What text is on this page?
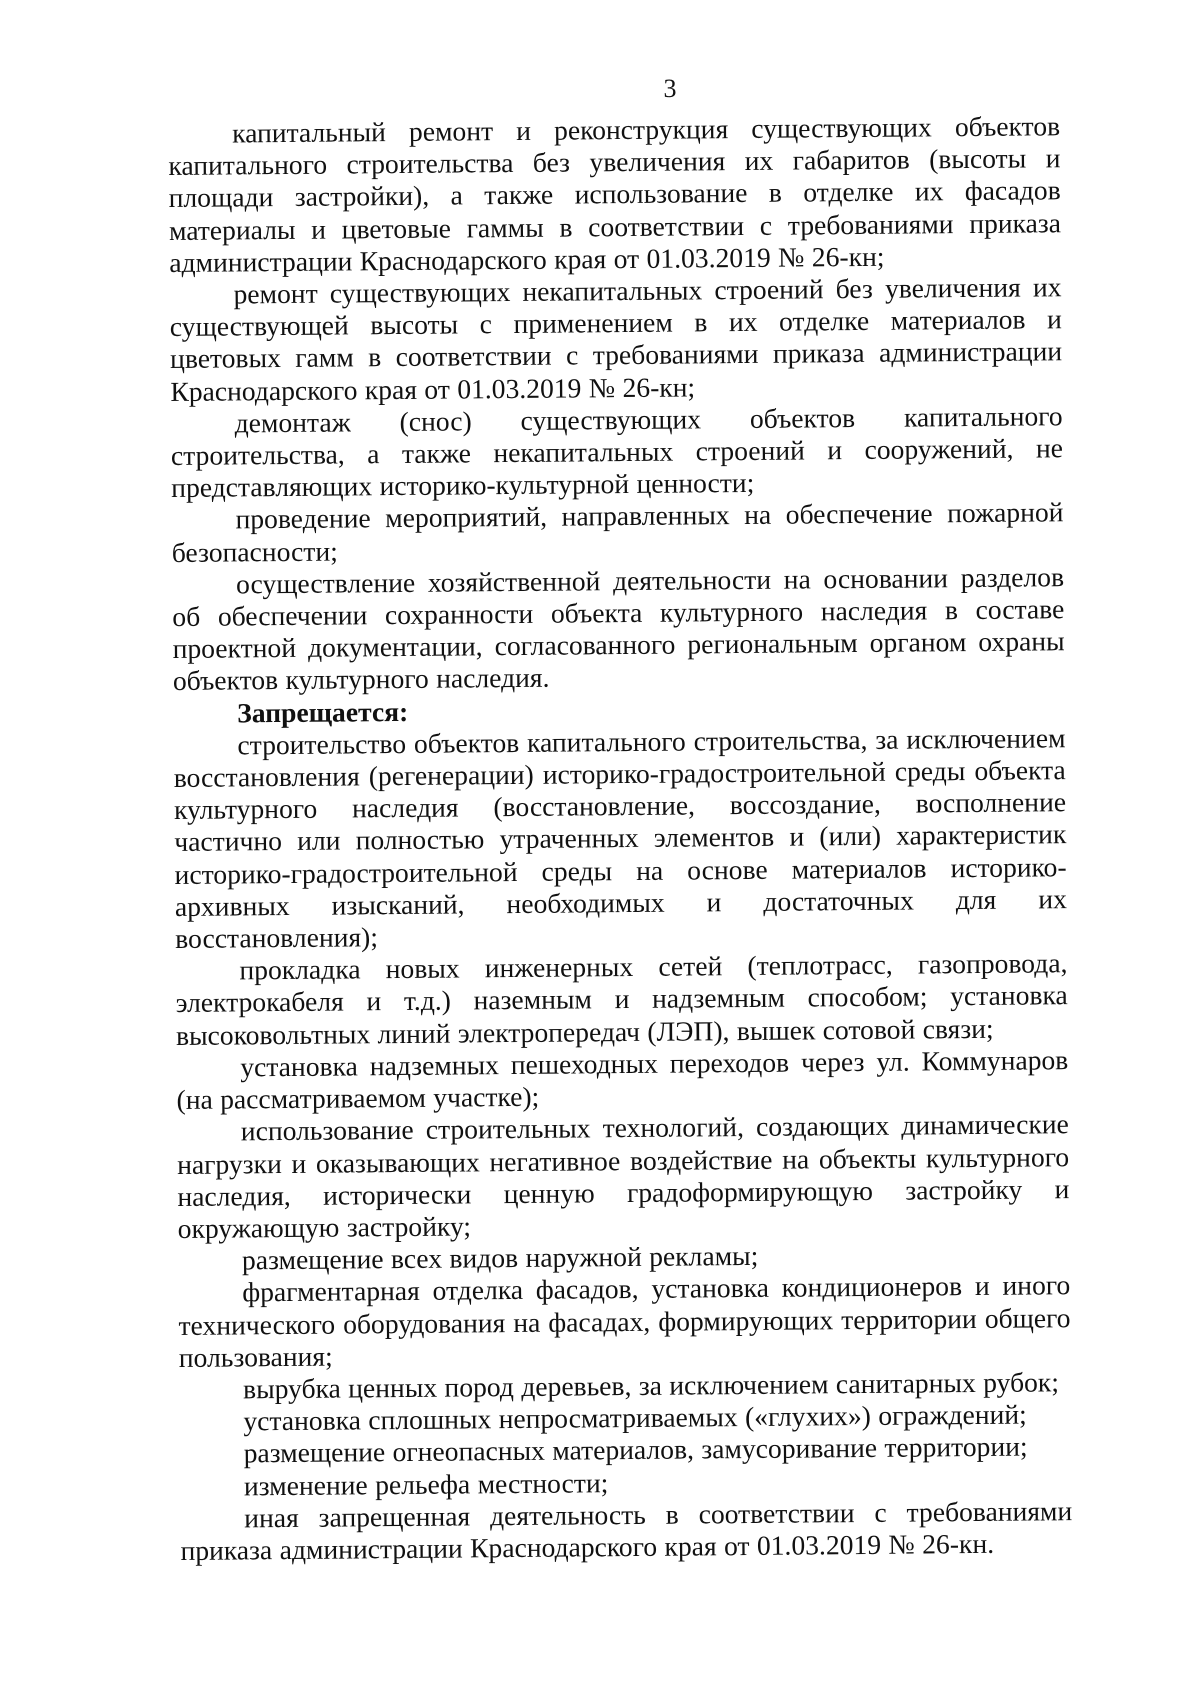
3

капитальный ремонт и реконструкция существующих объектов капитального строительства без увеличения их габаритов (высоты и площади застройки), а также использование в отделке их фасадов материалы и цветовые гаммы в соответствии с требованиями приказа администрации Краснодарского края от 01.03.2019 № 26-кн;

ремонт существующих некапитальных строений без увеличения их существующей высоты с применением в их отделке материалов и цветовых гамм в соответствии с требованиями приказа администрации Краснодарского края от 01.03.2019 № 26-кн;

демонтаж (снос) существующих объектов капитального строительства, а также некапитальных строений и сооружений, не представляющих историко-культурной ценности;

проведение мероприятий, направленных на обеспечение пожарной безопасности;

осуществление хозяйственной деятельности на основании разделов об обеспечении сохранности объекта культурного наследия в составе проектной документации, согласованного региональным органом охраны объектов культурного наследия.

Запрещается:

строительство объектов капитального строительства, за исключением восстановления (регенерации) историко-градостроительной среды объекта культурного наследия (восстановление, воссоздание, восполнение частично или полностью утраченных элементов и (или) характеристик историко-градостроительной среды на основе материалов историко-архивных изысканий, необходимых и достаточных для их восстановления);

прокладка новых инженерных сетей (теплотрасс, газопровода, электрокабеля и т.д.) наземным и надземным способом; установка высоковольтных линий электропередач (ЛЭП), вышек сотовой связи;

установка надземных пешеходных переходов через ул. Коммунаров (на рассматриваемом участке);

использование строительных технологий, создающих динамические нагрузки и оказывающих негативное воздействие на объекты культурного наследия, исторически ценную градоформирующую застройку и окружающую застройку;

размещение всех видов наружной рекламы;

фрагментарная отделка фасадов, установка кондиционеров и иного технического оборудования на фасадах, формирующих территории общего пользования;

вырубка ценных пород деревьев, за исключением санитарных рубок;

установка сплошных непросматриваемых («глухих») ограждений;

размещение огнеопасных материалов, замусоривание территории;

изменение рельефа местности;

иная запрещенная деятельность в соответствии с требованиями приказа администрации Краснодарского края от 01.03.2019 № 26-кн.
